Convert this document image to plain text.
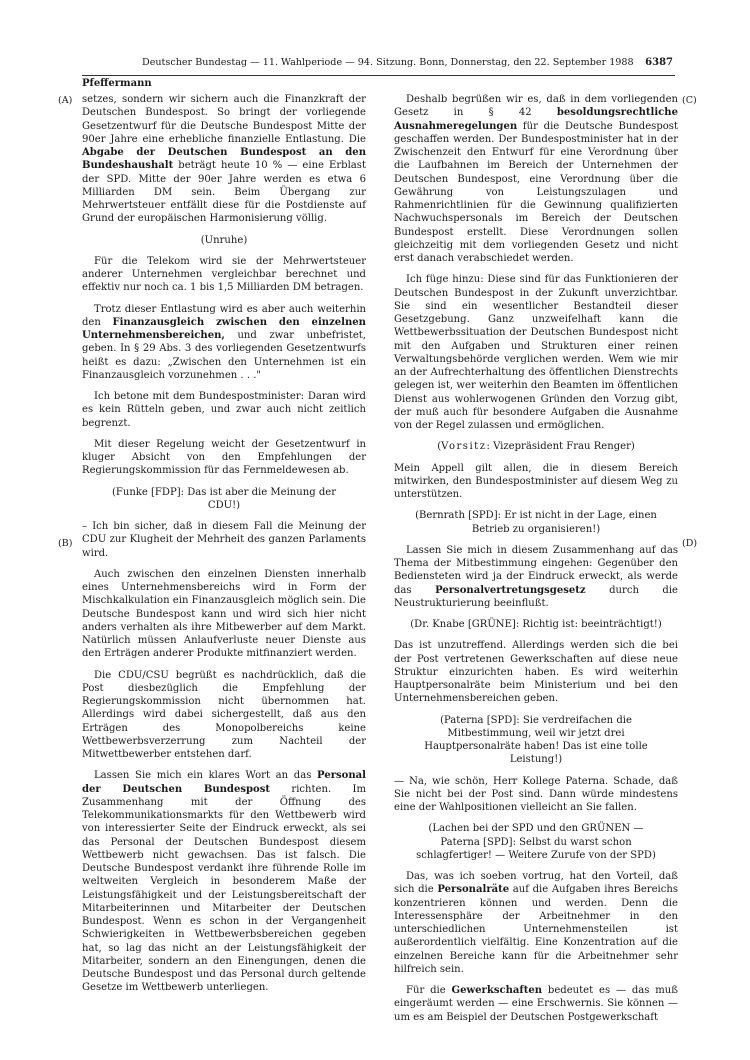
Deutscher Bundestag — 11. Wahlperiode — 94. Sitzung. Bonn, Donnerstag, den 22. September 1988 6387
Pfeffermann
(A)
(B)
(C)
(D)

setzes, sondern wir sichern auch die Finanzkraft der Deutschen Bundespost. So bringt der vorliegende Gesetzentwurf für die Deutsche Bundespost Mitte der 90er Jahre eine erhebliche finanzielle Entlastung. Die Abgabe der Deutschen Bundespost an den Bundeshaushalt beträgt heute 10 % — eine Erblast der SPD. Mitte der 90er Jahre werden es etwa 6 Milliarden DM sein. Beim Übergang zur Mehrwertsteuer entfällt diese für die Postdienste auf Grund der europäischen Harmonisierung völlig.

(Unruhe)

Für die Telekom wird sie der Mehrwertsteuer anderer Unternehmen vergleichbar berechnet und effektiv nur noch ca. 1 bis 1,5 Milliarden DM betragen.

Trotz dieser Entlastung wird es aber auch weiterhin den Finanzausgleich zwischen den einzelnen Unternehmensbereichen, und zwar unbefristet, geben. In § 29 Abs. 3 des vorliegenden Gesetzentwurfs heißt es dazu: „Zwischen den Unternehmen ist ein Finanzausgleich vorzunehmen . . ."

Ich betone mit dem Bundespostminister: Daran wird es kein Rütteln geben, und zwar auch nicht zeitlich begrenzt.

Mit dieser Regelung weicht der Gesetzentwurf in kluger Absicht von den Empfehlungen der Regierungskommission für das Fernmeldewesen ab.

(Funke [FDP]: Das ist aber die Meinung der CDU!)

– Ich bin sicher, daß in diesem Fall die Meinung der CDU zur Klugheit der Mehrheit des ganzen Parlaments wird.

Auch zwischen den einzelnen Diensten innerhalb eines Unternehmensbereichs wird in Form der Mischkalkulation ein Finanzausgleich möglich sein. Die Deutsche Bundespost kann und wird sich hier nicht anders verhalten als ihre Mitbewerber auf dem Markt. Natürlich müssen Anlaufverluste neuer Dienste aus den Erträgen anderer Produkte mitfinanziert werden.

Die CDU/CSU begrüßt es nachdrücklich, daß die Post diesbezüglich die Empfehlung der Regierungskommission nicht übernommen hat. Allerdings wird dabei sichergestellt, daß aus den Erträgen des Monopolbereichs keine Wettbewerbsverzerrung zum Nachteil der Mitwettbewerber entstehen darf.

Lassen Sie mich ein klares Wort an das Personal der Deutschen Bundespost richten. Im Zusammenhang mit der Öffnung des Telekommunikationsmarkts für den Wettbewerb wird von interessierter Seite der Eindruck erweckt, als sei das Personal der Deutschen Bundespost diesem Wettbewerb nicht gewachsen. Das ist falsch. Die Deutsche Bundespost verdankt ihre führende Rolle im weltweiten Vergleich in besonderem Maße der Leistungsfähigkeit und der Leistungsbereitschaft der Mitarbeiterinnen und Mitarbeiter der Deutschen Bundespost. Wenn es schon in der Vergangenheit Schwierigkeiten in Wettbewerbsbereichen gegeben hat, so lag das nicht an der Leistungsfähigkeit der Mitarbeiter, sondern an den Einengungen, denen die Deutsche Bundespost und das Personal durch geltende Gesetze im Wettbewerb unterliegen.

Deshalb begrüßen wir es, daß in dem vorliegenden Gesetz in § 42 besoldungsrechtliche Ausnahmeregelungen für die Deutsche Bundespost geschaffen werden. Der Bundespostminister hat in der Zwischenzeit den Entwurf für eine Verordnung über die Laufbahnen im Bereich der Unternehmen der Deutschen Bundespost, eine Verordnung über die Gewährung von Leistungszulagen und Rahmenrichtlinien für die Gewinnung qualifizierten Nachwuchspersonals im Bereich der Deutschen Bundespost erstellt. Diese Verordnungen sollen gleichzeitig mit dem vorliegenden Gesetz und nicht erst danach verabschiedet werden.

Ich füge hinzu: Diese sind für das Funktionieren der Deutschen Bundespost in der Zukunft unverzichtbar. Sie sind ein wesentlicher Bestandteil dieser Gesetzgebung. Ganz unzweifelhaft kann die Wettbewerbssituation der Deutschen Bundespost nicht mit den Aufgaben und Strukturen einer reinen Verwaltungsbehörde verglichen werden. Wem wie mir an der Aufrechterhaltung des öffentlichen Dienstrechts gelegen ist, wer weiterhin den Beamten im öffentlichen Dienst aus wohlerwogenen Gründen den Vorzug gibt, der muß auch für besondere Aufgaben die Ausnahme von der Regel zulassen und ermöglichen.

(Vorsitz: Vizepräsident Frau Renger)

Mein Appell gilt allen, die in diesem Bereich mitwirken, den Bundespostminister auf diesem Weg zu unterstützen.

(Bernrath [SPD]: Er ist nicht in der Lage, einen Betrieb zu organisieren!)

Lassen Sie mich in diesem Zusammenhang auf das Thema der Mitbestimmung eingehen: Gegenüber den Bediensteten wird ja der Eindruck erweckt, als werde das Personalvertretungsgesetz durch die Neustrukturierung beeinflußt.

(Dr. Knabe [GRÜNE]: Richtig ist: beeinträchtigt!)

Das ist unzutreffend. Allerdings werden sich die bei der Post vertretenen Gewerkschaften auf diese neue Struktur einzurichten haben. Es wird weiterhin Hauptpersonalräte beim Ministerium und bei den Unternehmensbereichen geben.

(Paterna [SPD]: Sie verdreifachen die Mitbestimmung, weil wir jetzt drei Hauptpersonalräte haben! Das ist eine tolle Leistung!)

— Na, wie schön, Herr Kollege Paterna. Schade, daß Sie nicht bei der Post sind. Dann würde mindestens eine der Wahlpositionen vielleicht an Sie fallen.

(Lachen bei der SPD und den GRÜNEN — Paterna [SPD]: Selbst du warst schon schlagfertiger! — Weitere Zurufe von der SPD)

Das, was ich soeben vortrug, hat den Vorteil, daß sich die Personalräte auf die Aufgaben ihres Bereichs konzentrieren können und werden. Denn die Interessensphäre der Arbeitnehmer in den unterschiedlichen Unternehmensteilen ist außerordentlich vielfältig. Eine Konzentration auf die einzelnen Bereiche kann für die Arbeitnehmer sehr hilfreich sein.

Für die Gewerkschaften bedeutet es — das muß eingeräumt werden — eine Erschwernis. Sie können — um es am Beispiel der Deutschen Postgewerkschaft
